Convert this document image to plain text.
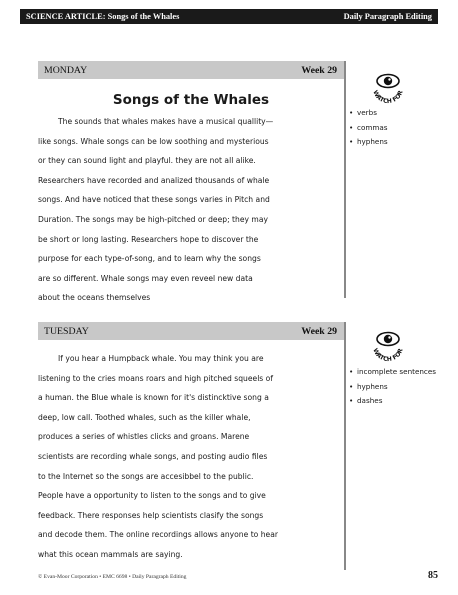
SCIENCE ARTICLE: Songs of the Whales	Daily Paragraph Editing
MONDAY	Week 29
Songs of the Whales

The sounds that whales makes have a musical quallity—
like songs. Whale songs can be low soothing and mysterious
or they can sound light and playful. they are not all alike.
Researchers have recorded and analized thousands of whale
songs. And have noticed that these songs varies in Pitch and
Duration. The songs may be high-pitched or deep; they may
be short or long lasting. Researchers hope to discover the
purpose for each type-of-song, and to learn why the songs
are so different. Whale songs may even reveel new data
about the oceans themselves

WATCH FOR
• verbs
• commas
• hyphens
TUESDAY	Week 29

If you hear a Humpback whale. You may think you are
listening to the cries moans roars and high pitched squeels of
a human. the Blue whale is known for it's distincktive song a
deep, low call. Toothed whales, such as the killer whale,
produces a series of whistles clicks and groans. Marene
scientists are recording whale songs, and posting audio files
to the Internet so the songs are accesibbel to the public.
People have a opportunity to listen to the songs and to give
feedback. There responses help scientists clasify the songs
and decode them. The online recordings allows anyone to hear
what this ocean mammals are saying.

WATCH FOR
• incomplete sentences
• hyphens
• dashes
© Evan-Moor Corporation • EMC 6698 • Daily Paragraph Editing	85
